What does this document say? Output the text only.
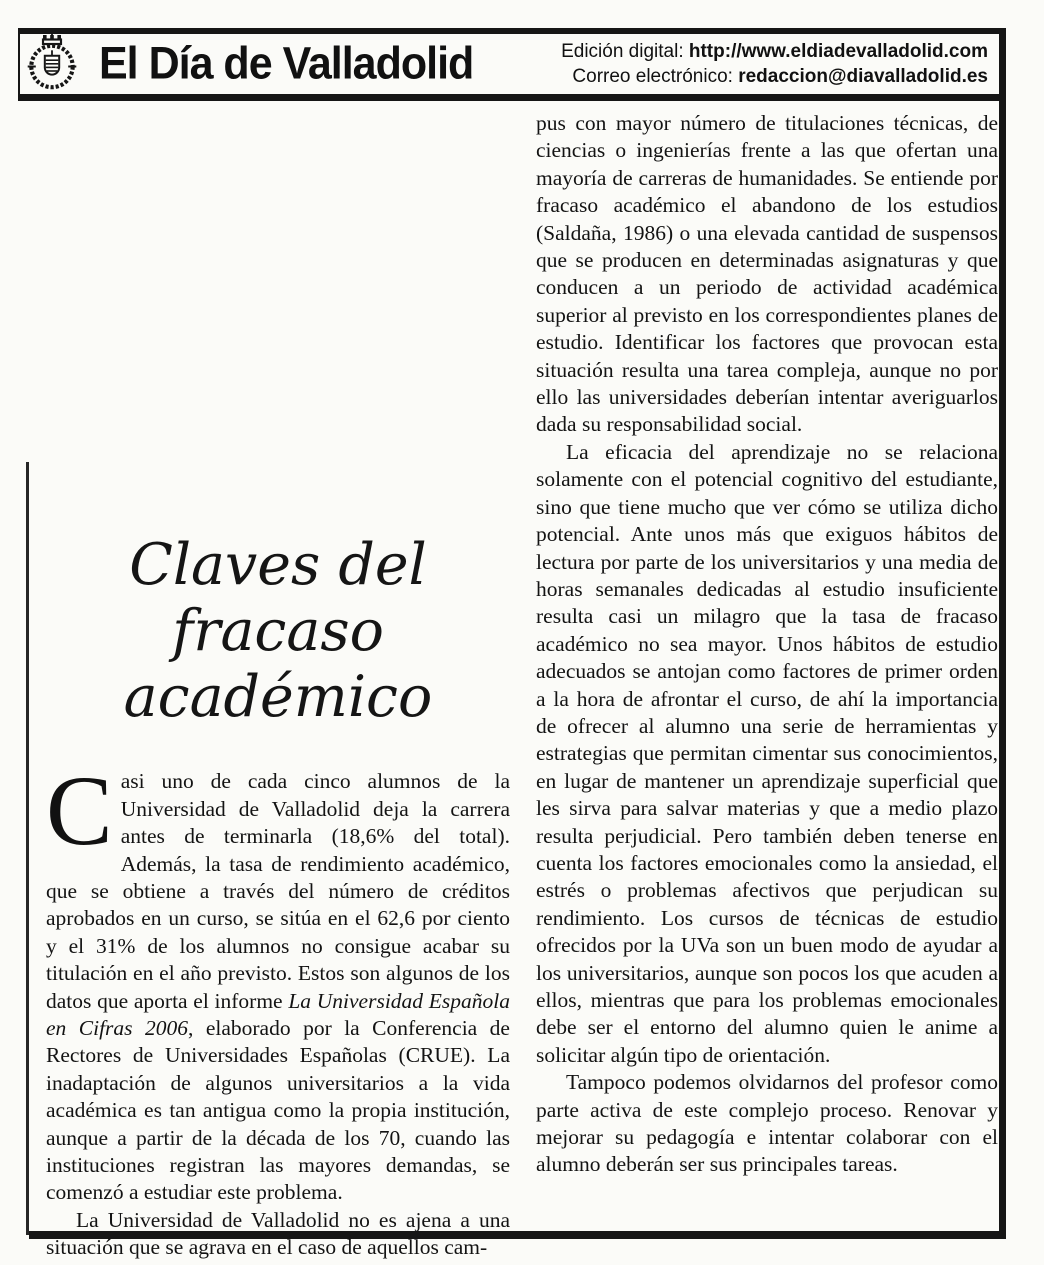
El Día de Valladolid	Edición digital: http://www.eldiadevalladolid.com
Correo electrónico: redaccion@diavalladolid.es
Claves del fracaso
académico

Casi uno de cada cinco alumnos de la Universidad de Valladolid deja la carrera antes de terminarla (18,6% del total). Además, la tasa de rendimiento académico, que se obtiene a través del número de créditos aprobados en un curso, se sitúa en el 62,6 por ciento y el 31% de los alumnos no consigue acabar su titulación en el año previsto. Estos son algunos de los datos que aporta el informe La Universidad Española en Cifras 2006, elaborado por la Conferencia de Rectores de Universidades Españolas (CRUE). La inadaptación de algunos universitarios a la vida académica es tan antigua como la propia institución, aunque a partir de la década de los 70, cuando las instituciones registran las mayores demandas, se comenzó a estudiar este problema.

La Universidad de Valladolid no es ajena a una situación que se agrava en el caso de aquellos cam-

pus con mayor número de titulaciones técnicas, de ciencias o ingenierías frente a las que ofertan una mayoría de carreras de humanidades. Se entiende por fracaso académico el abandono de los estudios (Saldaña, 1986) o una elevada cantidad de suspensos que se producen en determinadas asignaturas y que conducen a un periodo de actividad académica superior al previsto en los correspondientes planes de estudio. Identificar los factores que provocan esta situación resulta una tarea compleja, aunque no por ello las universidades deberían intentar averiguarlos dada su responsabilidad social.

La eficacia del aprendizaje no se relaciona solamente con el potencial cognitivo del estudiante, sino que tiene mucho que ver cómo se utiliza dicho potencial. Ante unos más que exiguos hábitos de lectura por parte de los universitarios y una media de horas semanales dedicadas al estudio insuficiente resulta casi un milagro que la tasa de fracaso académico no sea mayor. Unos hábitos de estudio adecuados se antojan como factores de primer orden a la hora de afrontar el curso, de ahí la importancia de ofrecer al alumno una serie de herramientas y estrategias que permitan cimentar sus conocimientos, en lugar de mantener un aprendizaje superficial que les sirva para salvar materias y que a medio plazo resulta perjudicial. Pero también deben tenerse en cuenta los factores emocionales como la ansiedad, el estrés o problemas afectivos que perjudican su rendimiento. Los cursos de técnicas de estudio ofrecidos por la UVa son un buen modo de ayudar a los universitarios, aunque son pocos los que acuden a ellos, mientras que para los problemas emocionales debe ser el entorno del alumno quien le anime a solicitar algún tipo de orientación.

Tampoco podemos olvidarnos del profesor como parte activa de este complejo proceso. Renovar y mejorar su pedagogía e intentar colaborar con el alumno deberán ser sus principales tareas.
